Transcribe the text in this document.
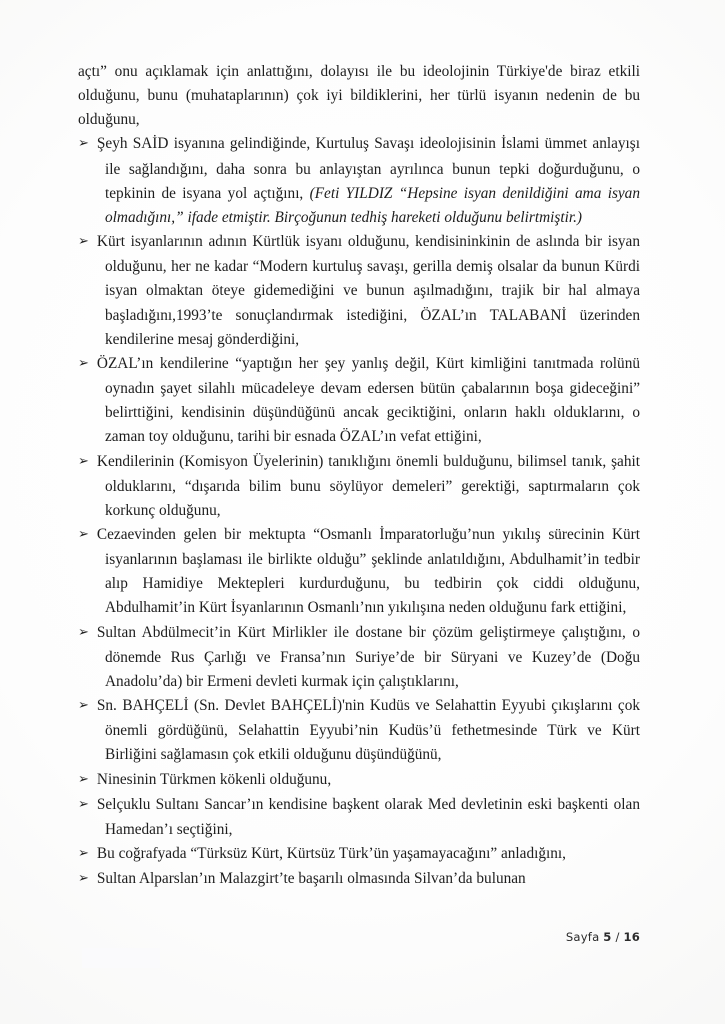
açtı” onu açıklamak için anlattığını, dolayısı ile bu ideolojinin Türkiye'de biraz etkili olduğunu, bunu (muhataplarının) çok iyi bildiklerini, her türlü isyanın nedenin de bu olduğunu,

➢ Şeyh SAİD isyanına gelindiğinde, Kurtuluş Savaşı ideolojisinin İslami ümmet anlayışı ile sağlandığını, daha sonra bu anlayıştan ayrılınca bunun tepki doğurduğunu, o tepkinin de isyana yol açtığını, (Feti YILDIZ “Hepsine isyan denildiğini ama isyan olmadığını,” ifade etmiştir. Birçoğunun tedhiş hareketi olduğunu belirtmiştir.)

➢ Kürt isyanlarının adının Kürtlük isyanı olduğunu, kendisininkinin de aslında bir isyan olduğunu, her ne kadar “Modern kurtuluş savaşı, gerilla demiş olsalar da bunun Kürdi isyan olmaktan öteye gidemediğini ve bunun aşılmadığını, trajik bir hal almaya başladığını,1993’te sonuçlandırmak istediğini, ÖZAL’ın TALABANİ üzerinden kendilerine mesaj gönderdiğini,

➢ ÖZAL’ın kendilerine “yaptığın her şey yanlış değil, Kürt kimliğini tanıtmada rolünü oynadın şayet silahlı mücadeleye devam edersen bütün çabalarının boşa gideceğini” belirttiğini, kendisinin düşündüğünü ancak geciktiğini, onların haklı olduklarını, o zaman toy olduğunu, tarihi bir esnada ÖZAL’ın vefat ettiğini,

➢ Kendilerinin (Komisyon Üyelerinin) tanıklığını önemli bulduğunu, bilimsel tanık, şahit olduklarını, “dışarıda bilim bunu söylüyor demeleri” gerektiği, saptırmaların çok korkunç olduğunu,

➢ Cezaevinden gelen bir mektupta “Osmanlı İmparatorluğu’nun yıkılış sürecinin Kürt isyanlarının başlaması ile birlikte olduğu” şeklinde anlatıldığını, Abdulhamit’in tedbir alıp Hamidiye Mektepleri kurdurduğunu, bu tedbirin çok ciddi olduğunu, Abdulhamit’in Kürt İsyanlarının Osmanlı’nın yıkılışına neden olduğunu fark ettiğini,

➢ Sultan Abdülmecit’in Kürt Mirlikler ile dostane bir çözüm geliştirmeye çalıştığını, o dönemde Rus Çarlığı ve Fransa’nın Suriye’de bir Süryani ve Kuzey’de (Doğu Anadolu’da) bir Ermeni devleti kurmak için çalıştıklarını,

➢ Sn. BAHÇELİ (Sn. Devlet BAHÇELİ)'nin Kudüs ve Selahattin Eyyubi çıkışlarını çok önemli gördüğünü, Selahattin Eyyubi’nin Kudüs’ü fethetmesinde Türk ve Kürt Birliğini sağlamasın çok etkili olduğunu düşündüğünü,

➢ Ninesinin Türkmen kökenli olduğunu,

➢ Selçuklu Sultanı Sancar’ın kendisine başkent olarak Med devletinin eski başkenti olan Hamedan’ı seçtiğini,

➢ Bu coğrafyada “Türksüz Kürt, Kürtsüz Türk’ün yaşamayacağını” anladığını,

➢ Sultan Alparslan’ın Malazgirt’te başarılı olmasında Silvan’da bulunan

Sayfa 5 / 16
